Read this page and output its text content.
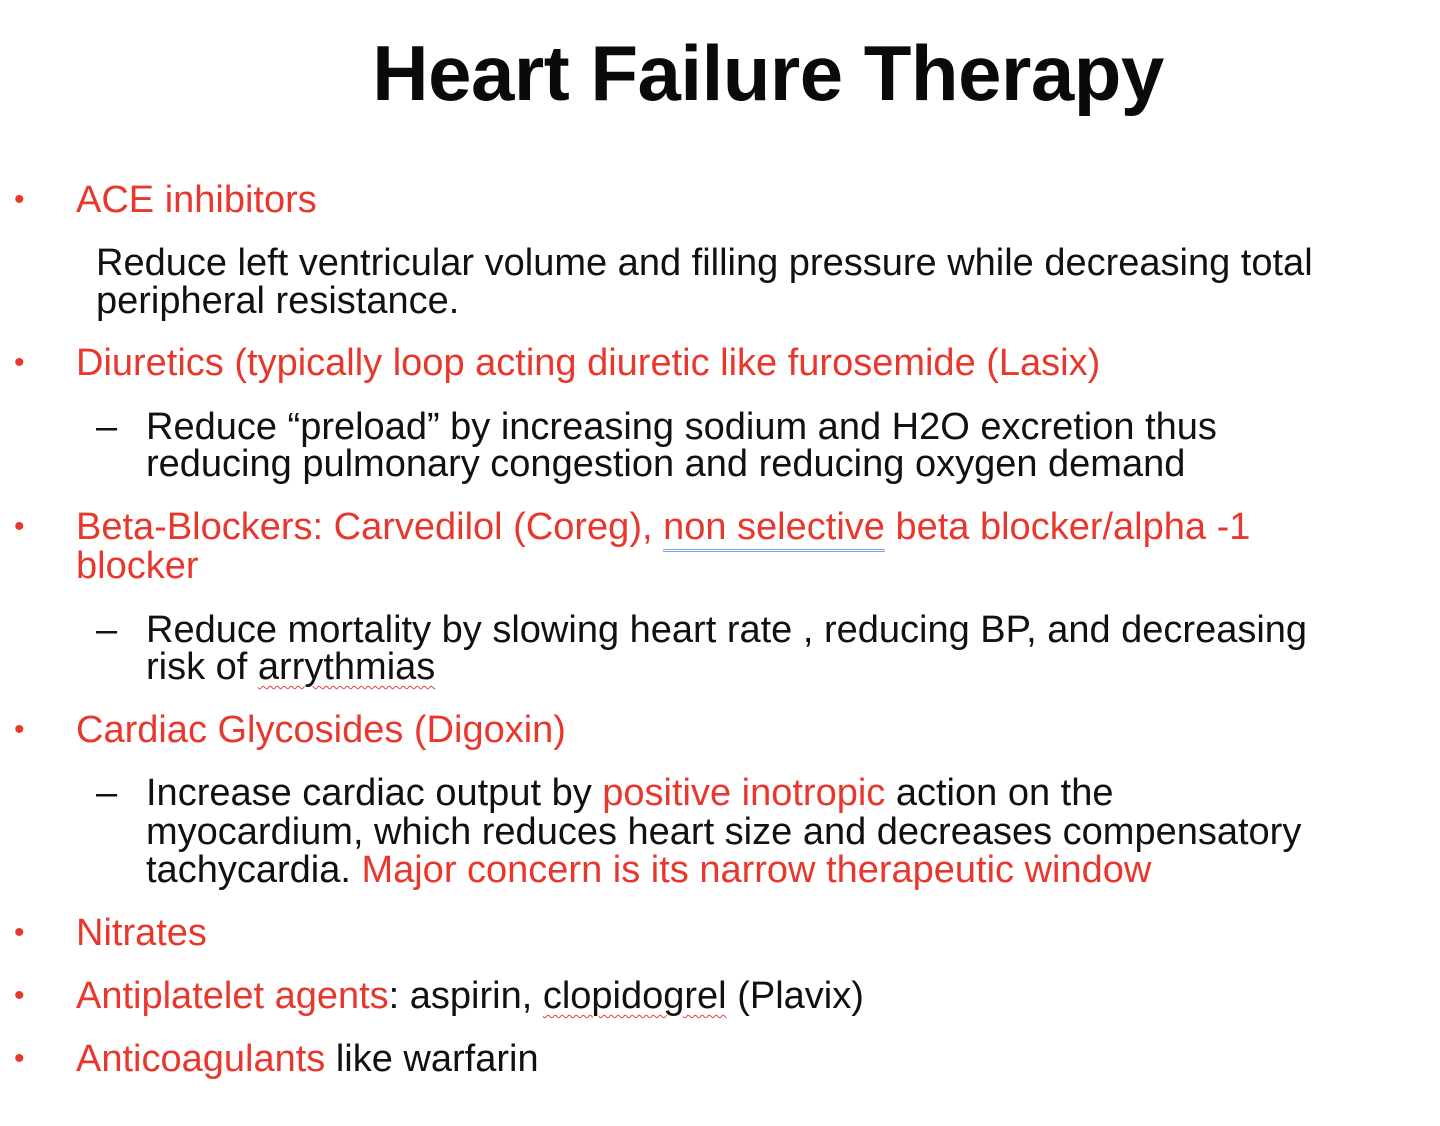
Heart Failure Therapy
• ACE inhibitors
Reduce left ventricular volume and filling pressure while decreasing total
peripheral resistance.
• Diuretics (typically loop acting diuretic like furosemide (Lasix)
– Reduce “preload” by increasing sodium and H2O excretion thus
reducing pulmonary congestion and reducing oxygen demand
• Beta-Blockers: Carvedilol (Coreg), non selective beta blocker/alpha -1
blocker
– Reduce mortality by slowing heart rate , reducing BP, and decreasing
risk of arrythmias
• Cardiac Glycosides (Digoxin)
– Increase cardiac output by positive inotropic action on the
myocardium, which reduces heart size and decreases compensatory
tachycardia. Major concern is its narrow therapeutic window
• Nitrates
• Antiplatelet agents: aspirin, clopidogrel (Plavix)
• Anticoagulants like warfarin
